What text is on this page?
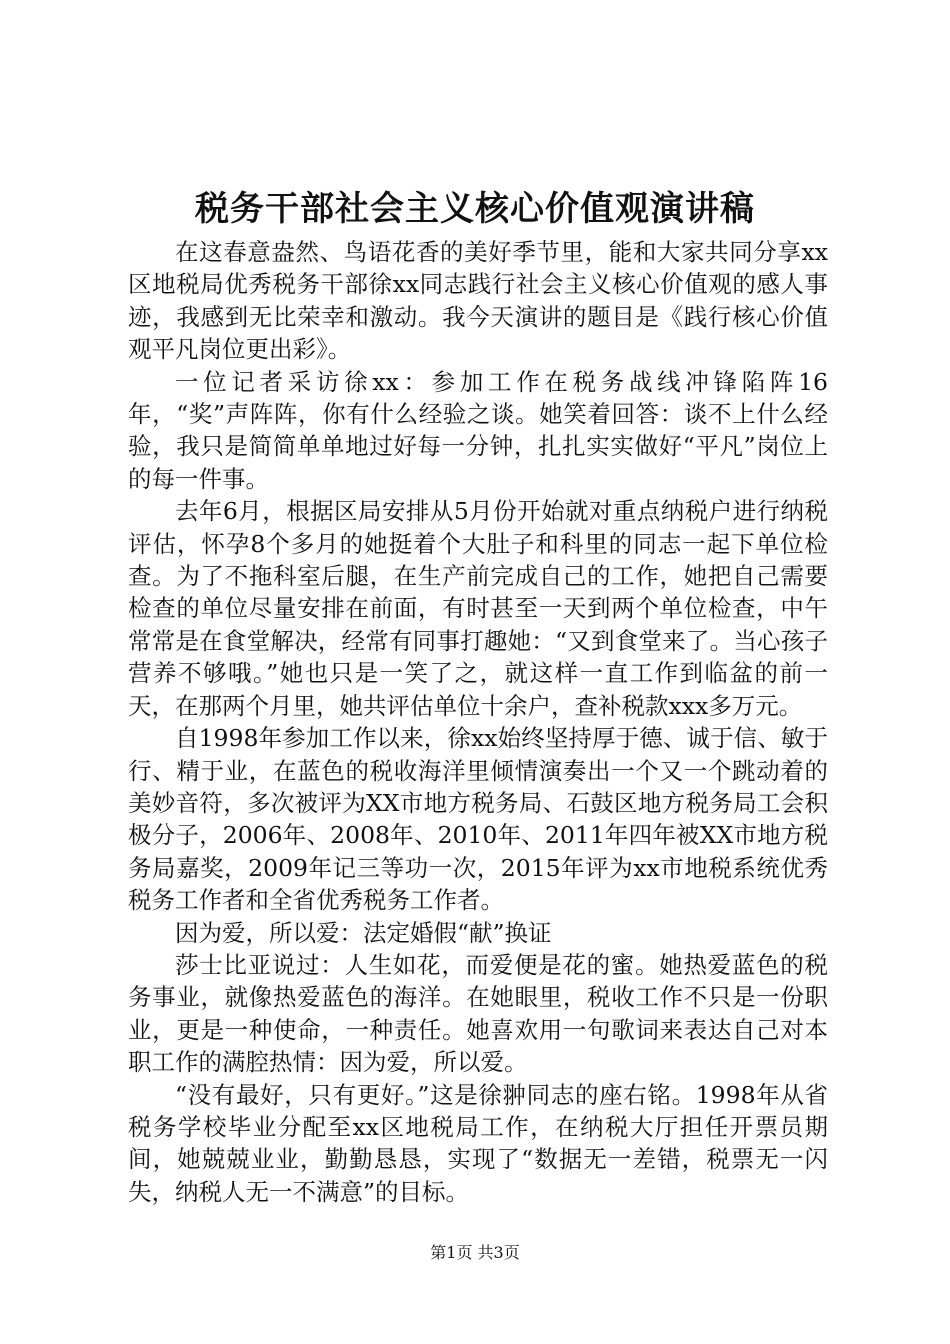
税务干部社会主义核心价值观演讲稿

在这春意盎然、鸟语花香的美好季节里，能和大家共同分享xx区地税局优秀税务干部徐xx同志践行社会主义核心价值观的感人事迹，我感到无比荣幸和激动。我今天演讲的题目是《践行核心价值观平凡岗位更出彩》。

一位记者采访徐xx：参加工作在税务战线冲锋陷阵16年，“奖”声阵阵，你有什么经验之谈。她笑着回答：谈不上什么经验，我只是简简单单地过好每一分钟，扎扎实实做好“平凡”岗位上的每一件事。

去年6月，根据区局安排从5月份开始就对重点纳税户进行纳税评估，怀孕8个多月的她挺着个大肚子和科里的同志一起下单位检查。为了不拖科室后腿，在生产前完成自己的工作，她把自己需要检查的单位尽量安排在前面，有时甚至一天到两个单位检查，中午常常是在食堂解决，经常有同事打趣她：“又到食堂来了。当心孩子营养不够哦。”她也只是一笑了之，就这样一直工作到临盆的前一天，在那两个月里，她共评估单位十余户，查补税款xxx多万元。

自1998年参加工作以来，徐xx始终坚持厚于德、诚于信、敏于行、精于业，在蓝色的税收海洋里倾情演奏出一个又一个跳动着的美妙音符，多次被评为XX市地方税务局、石鼓区地方税务局工会积极分子，2006年、2008年、2010年、2011年四年被XX市地方税务局嘉奖，2009年记三等功一次，2015年评为xx市地税系统优秀税务工作者和全省优秀税务工作者。

因为爱，所以爱：法定婚假“献”换证

莎士比亚说过：人生如花，而爱便是花的蜜。她热爱蓝色的税务事业，就像热爱蓝色的海洋。在她眼里，税收工作不只是一份职业，更是一种使命，一种责任。她喜欢用一句歌词来表达自己对本职工作的满腔热情：因为爱，所以爱。

“没有最好，只有更好。”这是徐翀同志的座右铭。1998年从省税务学校毕业分配至xx区地税局工作，在纳税大厅担任开票员期间，她兢兢业业，勤勤恳恳，实现了“数据无一差错，税票无一闪失，纳税人无一不满意”的目标。

第1页 共3页
